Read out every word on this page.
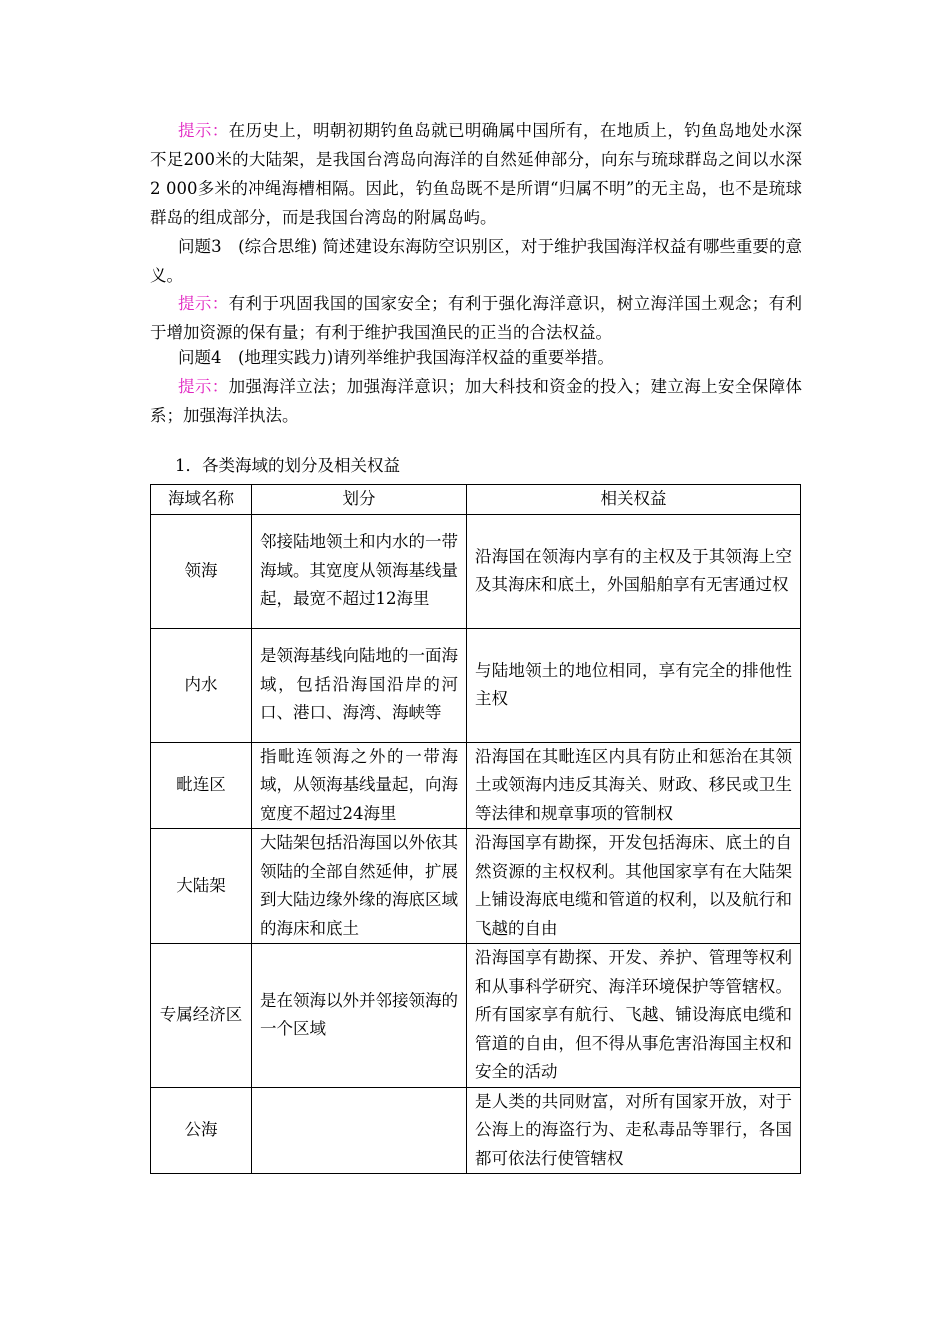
提示：在历史上，明朝初期钓鱼岛就已明确属中国所有，在地质上，钓鱼岛地处水深不足200米的大陆架，是我国台湾岛向海洋的自然延伸部分，向东与琉球群岛之间以水深2 000多米的冲绳海槽相隔。因此，钓鱼岛既不是所谓“归属不明”的无主岛，也不是琉球群岛的组成部分，而是我国台湾岛的附属岛屿。

问题3　(综合思维) 简述建设东海防空识别区，对于维护我国海洋权益有哪些重要的意义。

提示：有利于巩固我国的国家安全；有利于强化海洋意识，树立海洋国土观念；有利于增加资源的保有量；有利于维护我国渔民的正当的合法权益。

问题4　(地理实践力)请列举维护我国海洋权益的重要举措。

提示：加强海洋立法；加强海洋意识；加大科技和资金的投入；建立海上安全保障体系；加强海洋执法。

1．各类海域的划分及相关权益

海域名称	划分	相关权益
领海	邻接陆地领土和内水的一带海域。其宽度从领海基线量起，最宽不超过12海里	沿海国在领海内享有的主权及于其领海上空及其海床和底土，外国船舶享有无害通过权
内水	是领海基线向陆地的一面海域，包括沿海国沿岸的河口、港口、海湾、海峡等	与陆地领土的地位相同，享有完全的排他性主权
毗连区	指毗连领海之外的一带海域，从领海基线量起，向海宽度不超过24海里	沿海国在其毗连区内具有防止和惩治在其领土或领海内违反其海关、财政、移民或卫生等法律和规章事项的管制权
大陆架	大陆架包括沿海国以外依其领陆的全部自然延伸，扩展到大陆边缘外缘的海底区域的海床和底土	沿海国享有勘探，开发包括海床、底土的自然资源的主权权利。其他国家享有在大陆架上铺设海底电缆和管道的权利，以及航行和飞越的自由
专属经济区	是在领海以外并邻接领海的一个区域	沿海国享有勘探、开发、养护、管理等权利和从事科学研究、海洋环境保护等管辖权。所有国家享有航行、飞越、铺设海底电缆和管道的自由，但不得从事危害沿海国主权和安全的活动
公海		是人类的共同财富，对所有国家开放，对于公海上的海盗行为、走私毒品等罪行，各国都可依法行使管辖权
